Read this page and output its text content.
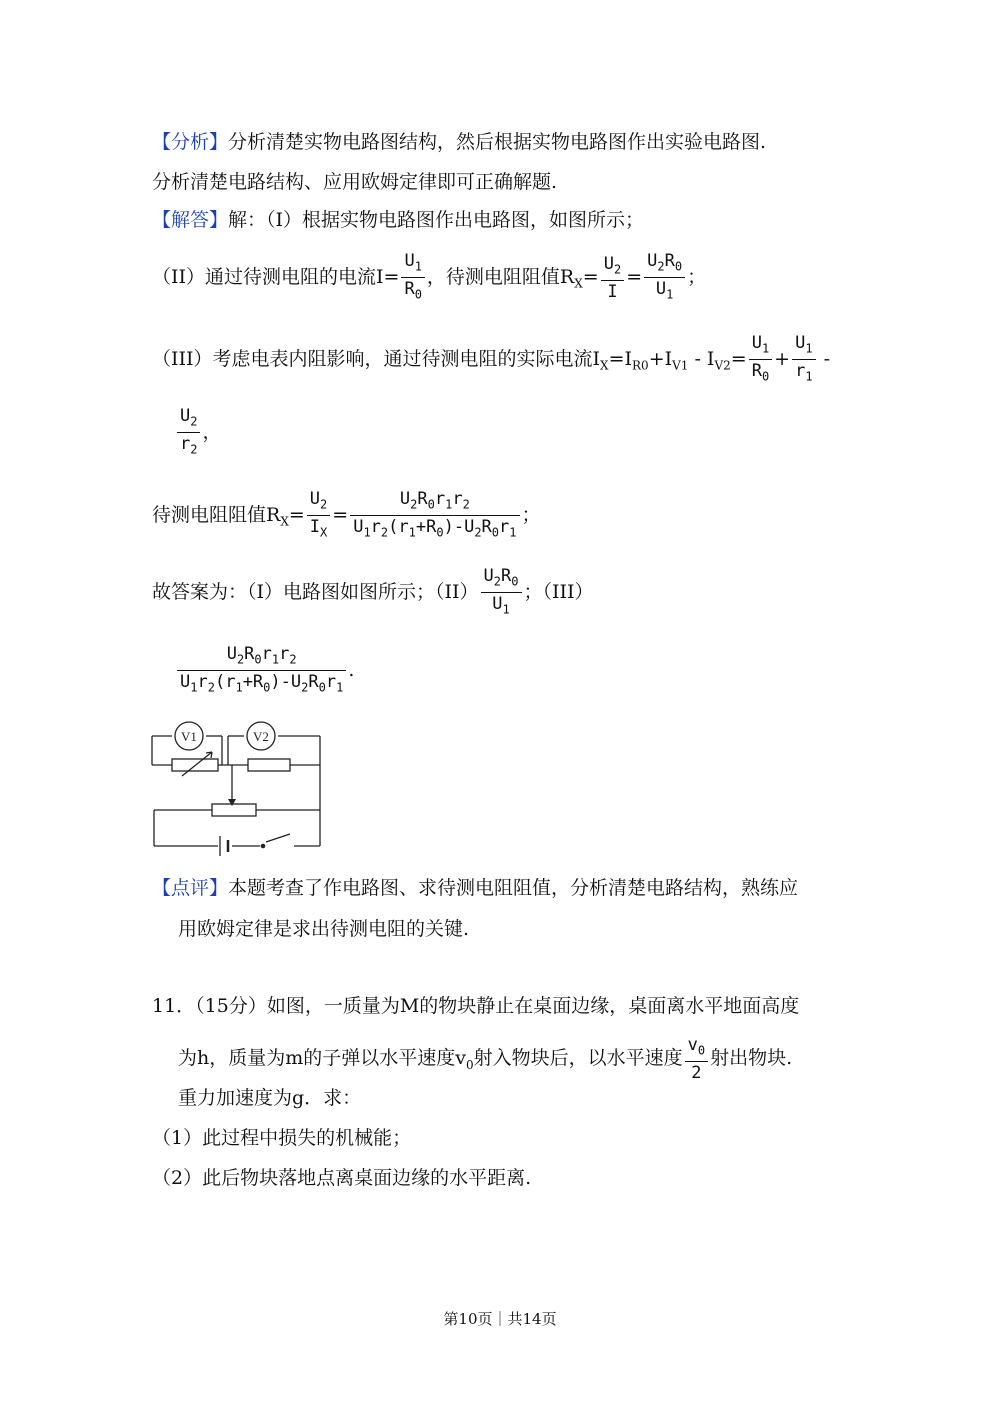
【分析】分析清楚实物电路图结构，然后根据实物电路图作出实验电路图.
分析清楚电路结构、应用欧姆定律即可正确解题.
【解答】解：（I）根据实物电路图作出电路图，如图所示；
（II）通过待测电阻的电流$I= \frac{U_1}{R_0}$ ，待测电阻阻值$R_X= \frac{U_2}{I} = \frac{U_2R_0}{U_1}$ ；
（III）考虑电表内阻影响，通过待测电阻的实际电流$I_X=I_{R0}+I_{V1} - I_{V2}= \frac{U_1}{R_0} + \frac{U_1}{r_1}$ -
$\frac{U_2}{r_2}$ ，
待测电阻阻值$R_X= \frac{U_2}{I_X} = \frac{U_2R_0r_1r_2}{U_1r_2(r_1+R_0)-U_2R_0r_1}$ ；
故答案为：（I）电路图如图所示；$(II) \frac{U_2R_0}{U_1}$ ；（III）
$\frac{U_2R_0r_1r_2}{U_1r_2(r_1+R_0)-U_2R_0r_1}$ .
V1	V2
【点评】本题考查了作电路图、求待测电阻阻值，分析清楚电路结构，熟练应
用欧姆定律是求出待测电阻的关键.
11．（15分）如图，一质量为M的物块静止在桌面边缘，桌面离水平地面高度
为h，质量为m的子弹以水平速度$v_0$射入物块后，以水平速度 $\frac{v_0}{2}$ 射出物块.
重力加速度为g．求：
（1）此过程中损失的机械能；
（2）此后物块落地点离桌面边缘的水平距离.
第10页｜共14页
